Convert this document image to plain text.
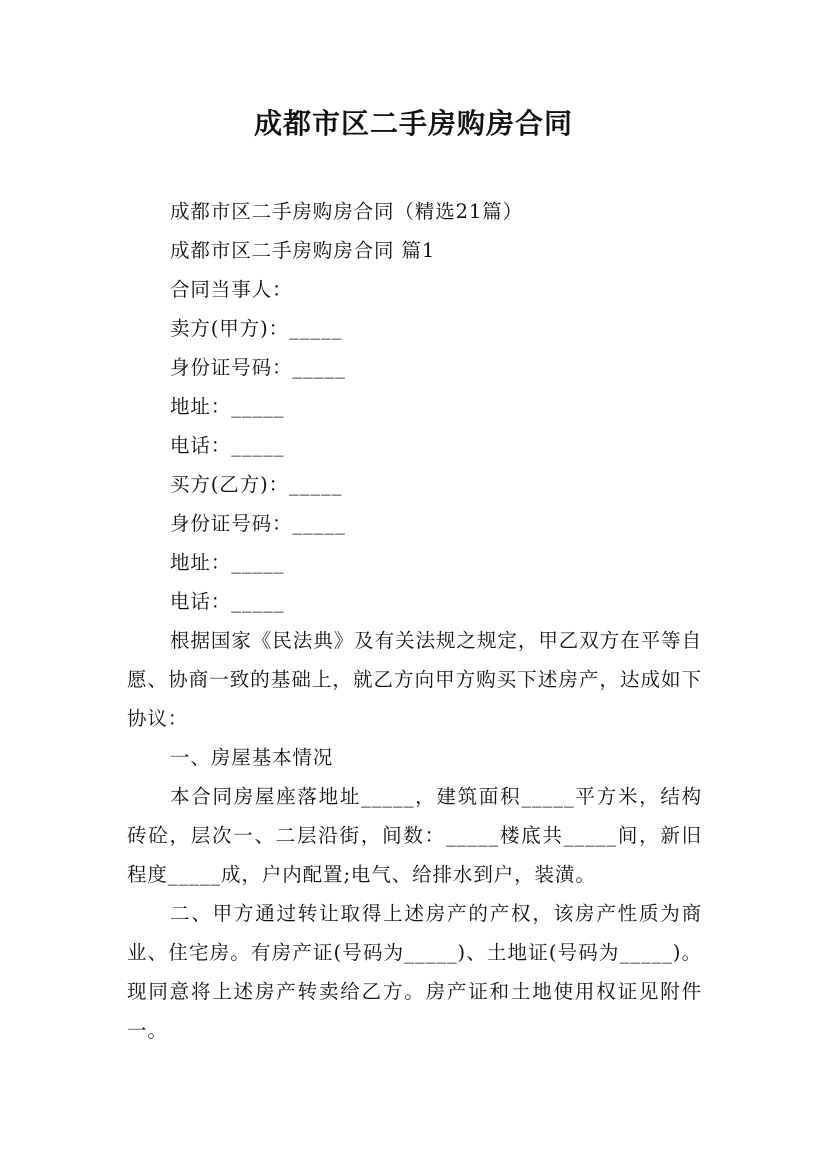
成都市区二手房购房合同
成都市区二手房购房合同（精选21篇）
成都市区二手房购房合同 篇1
合同当事人：
卖方(甲方)：_____
身份证号码：_____
地址：_____
电话：_____
买方(乙方)：_____
身份证号码：_____
地址：_____
电话：_____
根据国家《民法典》及有关法规之规定，甲乙双方在平等自愿、协商一致的基础上，就乙方向甲方购买下述房产，达成如下协议：
一、房屋基本情况
本合同房屋座落地址_____，建筑面积_____平方米，结构砖砼，层次一、二层沿街，间数：_____楼底共_____间，新旧程度_____成，户内配置;电气、给排水到户，装潢。
二、甲方通过转让取得上述房产的产权，该房产性质为商业、住宅房。有房产证(号码为_____)、土地证(号码为_____)。现同意将上述房产转卖给乙方。房产证和土地使用权证见附件一。
